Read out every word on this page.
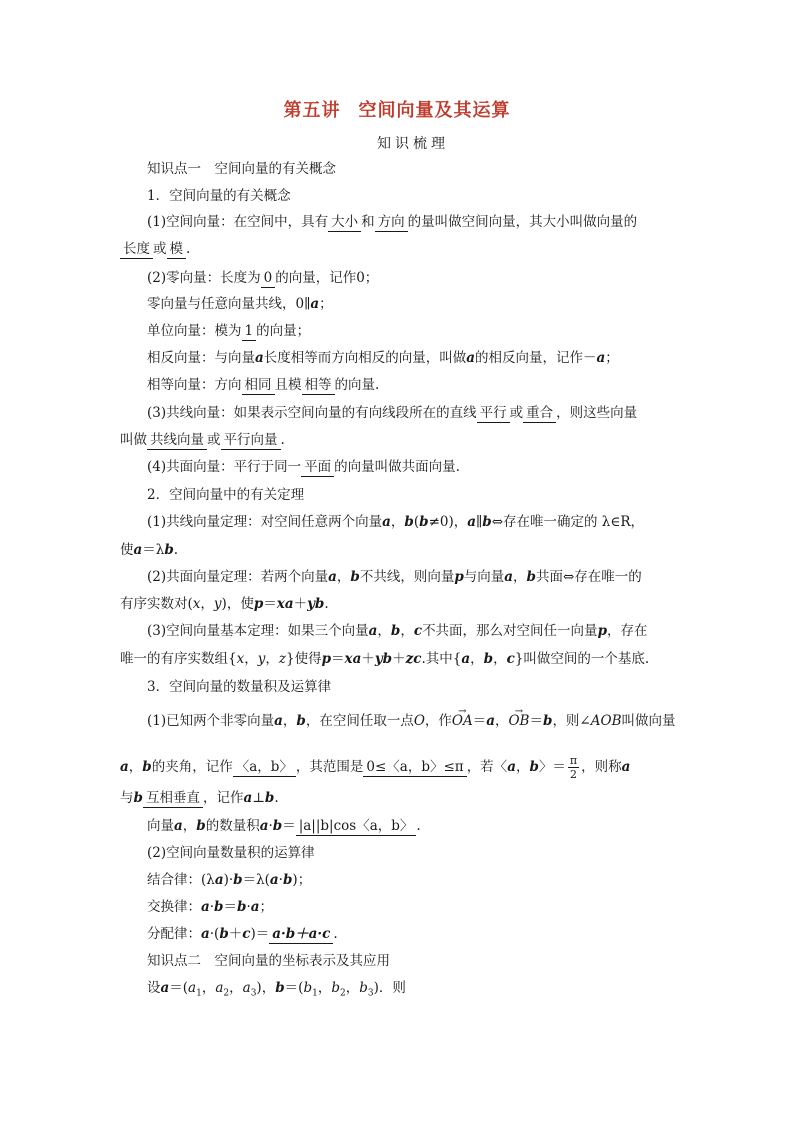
第五讲 空间向量及其运算
知识梳理
知识点一　空间向量的有关概念
1．空间向量的有关概念
(1)空间向量：在空间中，具有 大小 和 方向 的量叫做空间向量，其大小叫做向量的
长度 或 模 .
(2)零向量：长度为 0 的向量，记作0；
零向量与任意向量共线，0∥a；
单位向量：模为 1 的向量；
相反向量：与向量a长度相等而方向相反的向量，叫做a的相反向量，记作－a；
相等向量：方向 相同 且模 相等 的向量.
(3)共线向量：如果表示空间向量的有向线段所在的直线 平行 或 重合 ，则这些向量
叫做 共线向量 或 平行向量 .
(4)共面向量：平行于同一 平面 的向量叫做共面向量.
2．空间向量中的有关定理
(1)共线向量定理：对空间任意两个向量a，b(b≠0)，a∥b⇔存在唯一确定的 λ∈R，
使a＝λb.
(2)共面向量定理：若两个向量a，b不共线，则向量p与向量a，b共面⇔存在唯一的
有序实数对(x，y)，使p＝xa＋yb.
(3)空间向量基本定理：如果三个向量a，b，c不共面，那么对空间任一向量p，存在
唯一的有序实数组{x，y，z}使得p＝xa＋yb＋zc.其中{a，b，c}叫做空间的一个基底.
3．空间向量的数量积及运算律
(1)已知两个非零向量a，b，在空间任取一点O，作→ OA＝a，→ OB＝b，则∠AOB叫做向量
a，b的夹角，记作 〈a，b〉 ，其范围是 0≤〈a，b〉≤π ，若〈a，b〉＝ $\frac{\pi}{2}$ ，则称a
与b 互相垂直 ，记作a⊥b.
向量a，b的数量积a·b＝ |a||b|cos〈a，b〉 .
(2)空间向量数量积的运算律
结合律：(λa)·b＝λ(a·b)；
交换律：a·b＝b·a；
分配律：a·(b＋c)＝ a·b＋a·c .
知识点二　空间向量的坐标表示及其应用
设$a=(a_1$，$a_2$，$a_3$)，$b=(b_1$，$b_2$，$b_3$)．则
